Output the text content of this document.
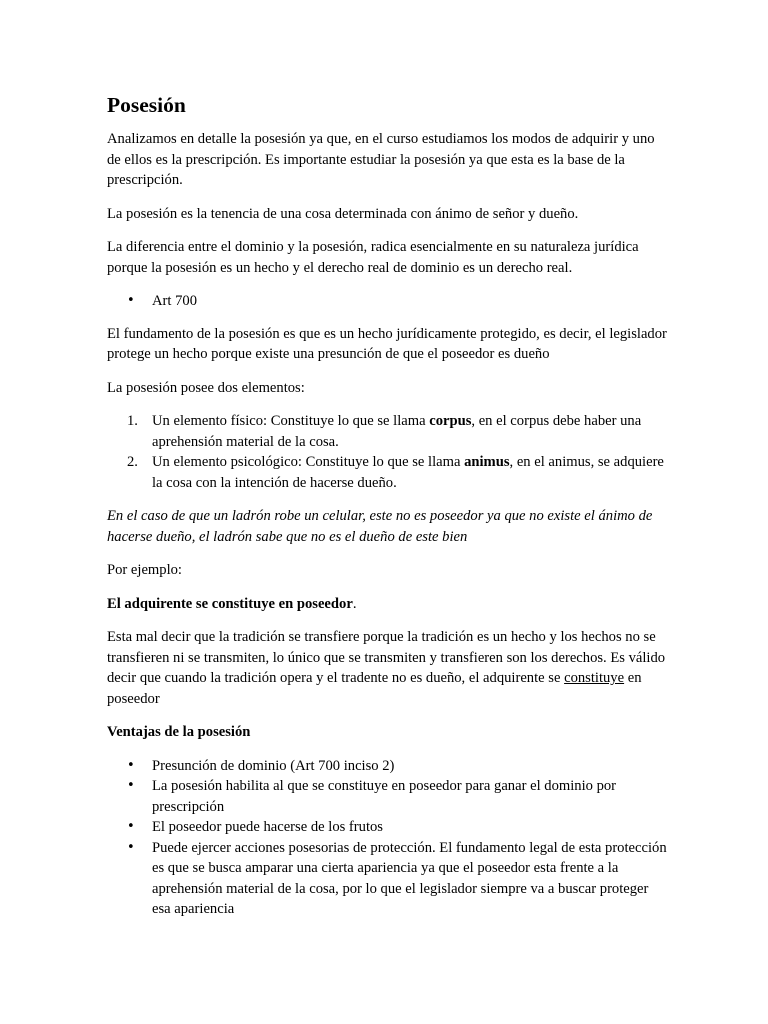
Posesión

Analizamos en detalle la posesión ya que, en el curso estudiamos los modos de adquirir y uno de ellos es la prescripción. Es importante estudiar la posesión ya que esta es la base de la prescripción.

La posesión es la tenencia de una cosa determinada con ánimo de señor y dueño.

La diferencia entre el dominio y la posesión, radica esencialmente en su naturaleza jurídica porque la posesión es un hecho y el derecho real de dominio es un derecho real.

• Art 700

El fundamento de la posesión es que es un hecho jurídicamente protegido, es decir, el legislador protege un hecho porque existe una presunción de que el poseedor es dueño

La posesión posee dos elementos:

1. Un elemento físico: Constituye lo que se llama corpus, en el corpus debe haber una aprehensión material de la cosa.
2. Un elemento psicológico: Constituye lo que se llama animus, en el animus, se adquiere la cosa con la intención de hacerse dueño.

En el caso de que un ladrón robe un celular, este no es poseedor ya que no existe el ánimo de hacerse dueño, el ladrón sabe que no es el dueño de este bien

Por ejemplo:

El adquirente se constituye en poseedor.

Esta mal decir que la tradición se transfiere porque la tradición es un hecho y los hechos no se transfieren ni se transmiten, lo único que se transmiten y transfieren son los derechos. Es válido decir que cuando la tradición opera y el tradente no es dueño, el adquirente se constituye en poseedor

Ventajas de la posesión

• Presunción de dominio (Art 700 inciso 2)
• La posesión habilita al que se constituye en poseedor para ganar el dominio por prescripción
• El poseedor puede hacerse de los frutos
• Puede ejercer acciones posesorias de protección. El fundamento legal de esta protección es que se busca amparar una cierta apariencia ya que el poseedor esta frente a la aprehensión material de la cosa, por lo que el legislador siempre va a buscar proteger esa apariencia
